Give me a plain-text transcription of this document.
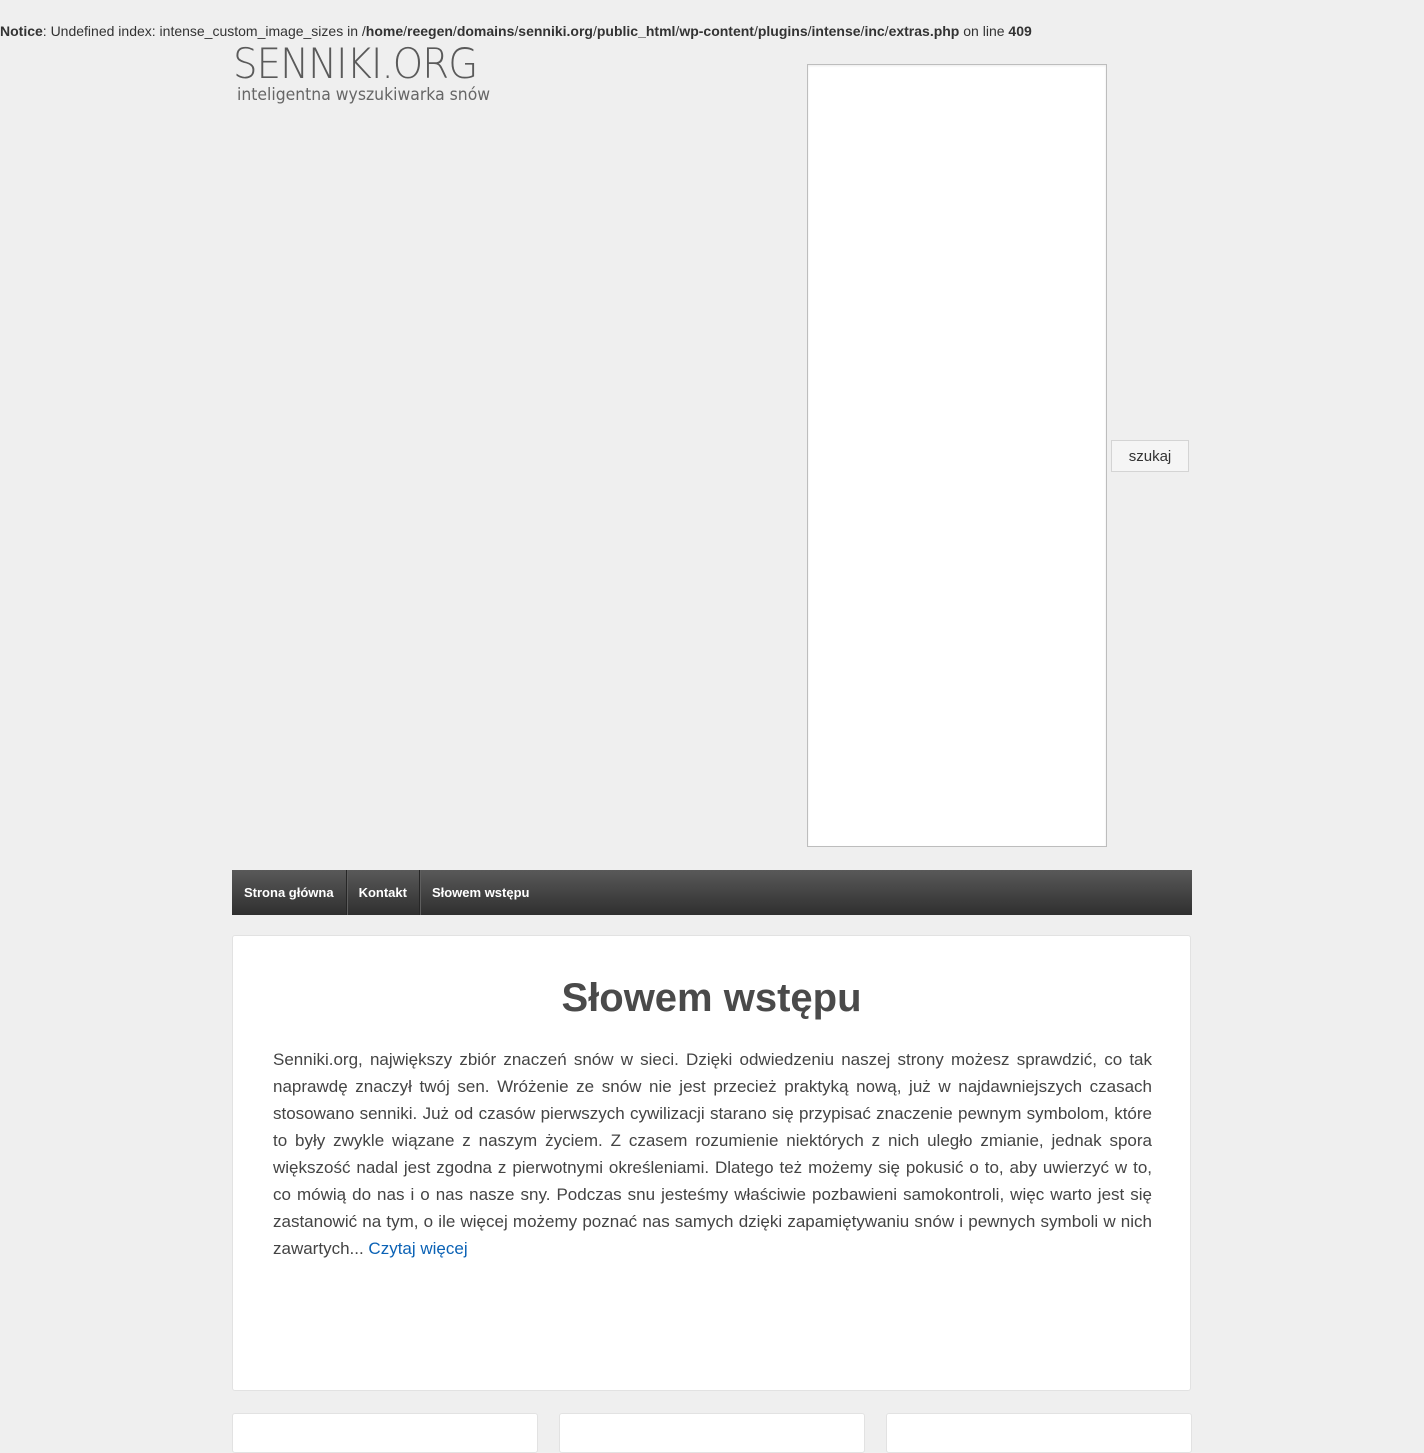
Notice: Undefined index: intense_custom_image_sizes in /home/reegen/domains/senniki.org/public_html/wp-content/plugins/intense/inc/extras.php on line 409
SENNIKI.ORG
inteligentna wyszukiwarka snów
szukaj
Strona główna	Kontakt	Słowem wstępu
Słowem wstępu

Senniki.org, największy zbiór znaczeń snów w sieci. Dzięki odwiedzeniu naszej strony możesz sprawdzić, co tak naprawdę znaczył twój sen. Wróżenie ze snów nie jest przecież praktyką nową, już w najdawniejszych czasach stosowano senniki. Już od czasów pierwszych cywilizacji starano się przypisać znaczenie pewnym symbolom, które to były zwykle wiązane z naszym życiem. Z czasem rozumienie niektórych z nich uległo zmianie, jednak spora większość nadal jest zgodna z pierwotnymi określeniami. Dlatego też możemy się pokusić o to, aby uwierzyć w to, co mówią do nas i o nas nasze sny. Podczas snu jesteśmy właściwie pozbawieni samokontroli, więc warto jest się zastanowić na tym, o ile więcej możemy poznać nas samych dzięki zapamiętywaniu snów i pewnych symboli w nich zawartych... Czytaj więcej
